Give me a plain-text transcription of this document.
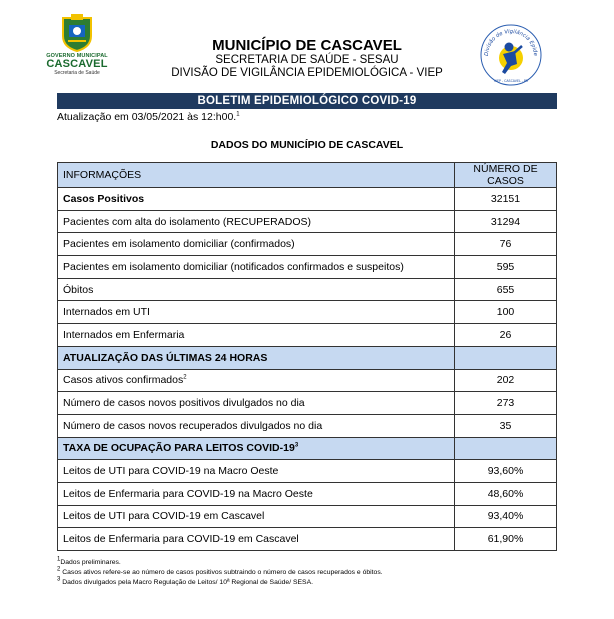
GOVERNO MUNICIPAL
CASCAVEL
Secretaria de Saúde
MUNICÍPIO DE CASCAVEL
SECRETARIA DE SAÚDE - SESAU
DIVISÃO DE VIGILÂNCIA EPIDEMIOLÓGICA - VIEP
Divisão de Vigilância Epide
VIEP - CASCAVEL - PR
BOLETIM EPIDEMIOLÓGICO COVID-19
Atualização em 03/05/2021 às 12:h00.$^1$
DADOS DO MUNICÍPIO DE CASCAVEL
INFORMAÇÕES	NÚMERO DE CASOS
Casos Positivos	32151
Pacientes com alta do isolamento (RECUPERADOS)	31294
Pacientes em isolamento domiciliar (confirmados)	76
Pacientes em isolamento domiciliar (notificados confirmados e suspeitos)	595
Óbitos	655
Internados em UTI	100
Internados em Enfermaria	26
ATUALIZAÇÃO DAS ÚLTIMAS 24 HORAS	
Casos ativos confirmados$^2$	202
Número de casos novos positivos divulgados no dia	273
Número de casos novos recuperados divulgados no dia	35
TAXA DE OCUPAÇÃO PARA LEITOS COVID-$19^3$	
Leitos de UTI para COVID-19 na Macro Oeste	93,60%
Leitos de Enfermaria para COVID-19 na Macro Oeste	48,60%
Leitos de UTI para COVID-19 em Cascavel	93,40%
Leitos de Enfermaria para COVID-19 em Cascavel	61,90%
$^1$Dados preliminares.
$^2$ Casos ativos refere-se ao número de casos positivos subtraindo o número de casos recuperados e óbitos.
$^3$ Dados divulgados pela Macro Regulação de Leitos/ 10ª Regional de Saúde/ SESA.
